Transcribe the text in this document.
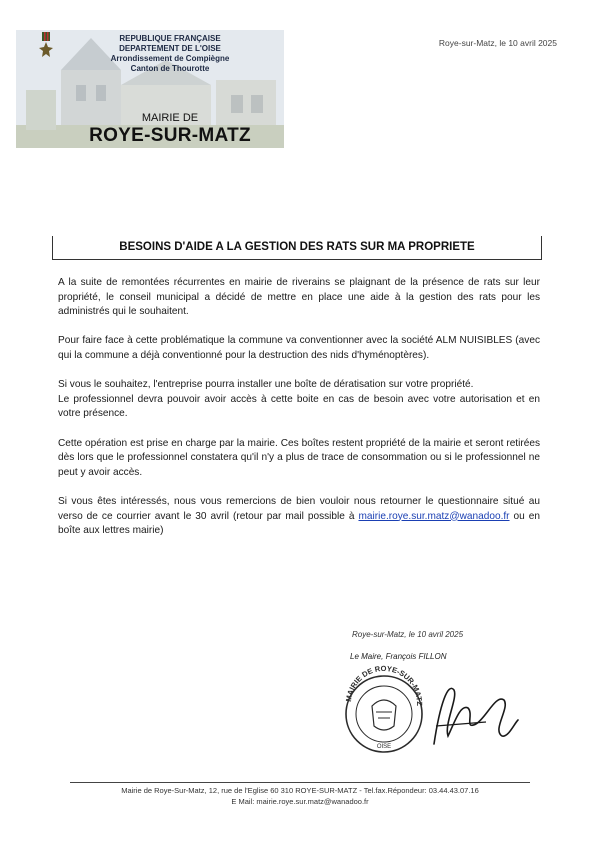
REPUBLIQUE FRANÇAISE
DEPARTEMENT DE L'OISE
Arrondissement de Compiègne
Canton de Thourotte
MAIRIE DE
ROYE-SUR-MATZ
Roye-sur-Matz, le 10 avril 2025
BESOINS D'AIDE A LA GESTION DES RATS SUR MA PROPRIETE

A la suite de remontées récurrentes en mairie de riverains se plaignant de la présence de rats sur leur propriété, le conseil municipal a décidé de mettre en place une aide à la gestion des rats pour les administrés qui le souhaitent.

Pour faire face à cette problématique la commune va conventionner avec la société ALM NUISIBLES (avec qui la commune a déjà conventionné pour la destruction des nids d'hyménoptères).

Si vous le souhaitez, l'entreprise pourra installer une boîte de dératisation sur votre propriété.

Le professionnel devra pouvoir avoir accès à cette boite en cas de besoin avec votre autorisation et en votre présence.

Cette opération est prise en charge par la mairie. Ces boîtes restent propriété de la mairie et seront retirées dès lors que le professionnel constatera qu'il n'y a plus de trace de consommation ou si le professionnel ne peut y avoir accès.

Si vous êtes intéressés, nous vous remercions de bien vouloir nous retourner le questionnaire situé au verso de ce courrier avant le 30 avril (retour par mail possible à mairie.roye.sur.matz@wanadoo.fr ou en boîte aux lettres mairie)

Roye-sur-Matz, le 10 avril 2025
Le Maire, François FILLON
MAIRIE DE ROYE-SUR-MATZ
OISE
Mairie de Roye-Sur-Matz, 12, rue de l'Eglise 60 310 ROYE-SUR-MATZ - Tel.fax.Répondeur: 03.44.43.07.16
E Mail: mairie.roye.sur.matz@wanadoo.fr
